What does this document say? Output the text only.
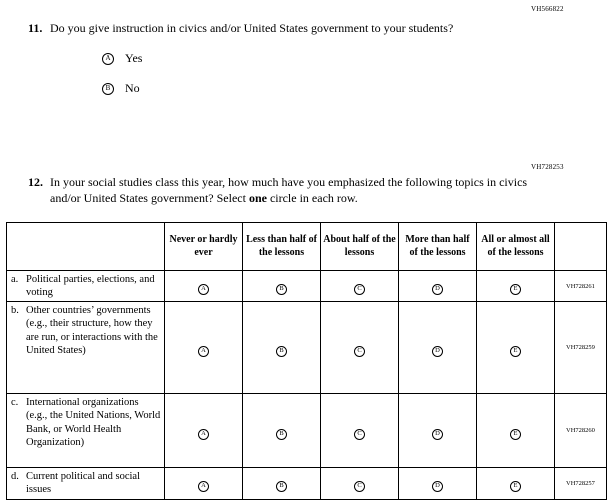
VH566822
11. Do you give instruction in civics and/or United States government to your students?
A Yes
B No
VH728253
12. In your social studies class this year, how much have you emphasized the following topics in civics and/or United States government? Select one circle in each row.
	Never or hardly ever	Less than half of the lessons	About half of the lessons	More than half of the lessons	All or almost all of the lessons	

a. Political parties, elections, and voting	A	B	C	D	E	VH728261

b. Other countries’ governments (e.g., their structure, how they are run, or interactions with the United States)	A	B	C	D	E	VH728259

c. International organizations (e.g., the United Nations, World Bank, or World Health Organization)	A	B	C	D	E	VH728260

d. Current political and social issues	A	B	C	D	E	VH728257
